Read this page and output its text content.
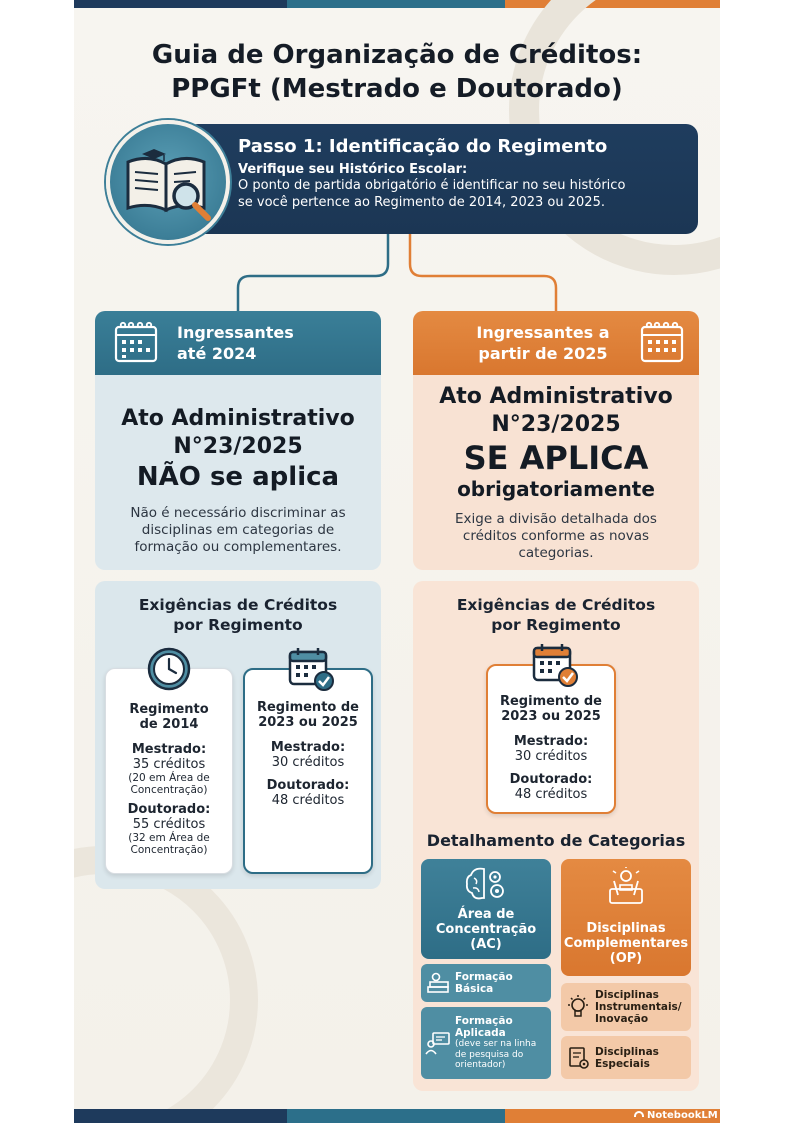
Guia de Organização de Créditos:
PPGFt (Mestrado e Doutorado)
Passo 1: Identificação do Regimento
Verifique seu Histórico Escolar:
O ponto de partida obrigatório é identificar no seu histórico
se você pertence ao Regimento de 2014, 2023 ou 2025.
Ingressantes
até 2024
Ingressantes a
partir de 2025
Ato Administrativo
N°23/2025
NÃO se aplica
Não é necessário discriminar as
disciplinas em categorias de
formação ou complementares.
Ato Administrativo
N°23/2025
SE APLICA
obrigatoriamente
Exige a divisão detalhada dos
créditos conforme as novas
categorias.
Exigências de Créditos
por Regimento
Regimento
de 2014
Mestrado:
35 créditos
(20 em Área de
Concentração)
Doutorado:
55 créditos
(32 em Área de
Concentração)
Regimento de
2023 ou 2025
Mestrado:
30 créditos
Doutorado:
48 créditos
Exigências de Créditos
por Regimento
Regimento de
2023 ou 2025
Mestrado:
30 créditos
Doutorado:
48 créditos
Detalhamento de Categorias
Área de
Concentração
(AC)
Formação
Básica
Formação
Aplicada
(deve ser na linha
de pesquisa do
orientador)
Disciplinas
Complementares
(OP)
Disciplinas
Instrumentais/
Inovação
Disciplinas
Especiais
NotebookLM
